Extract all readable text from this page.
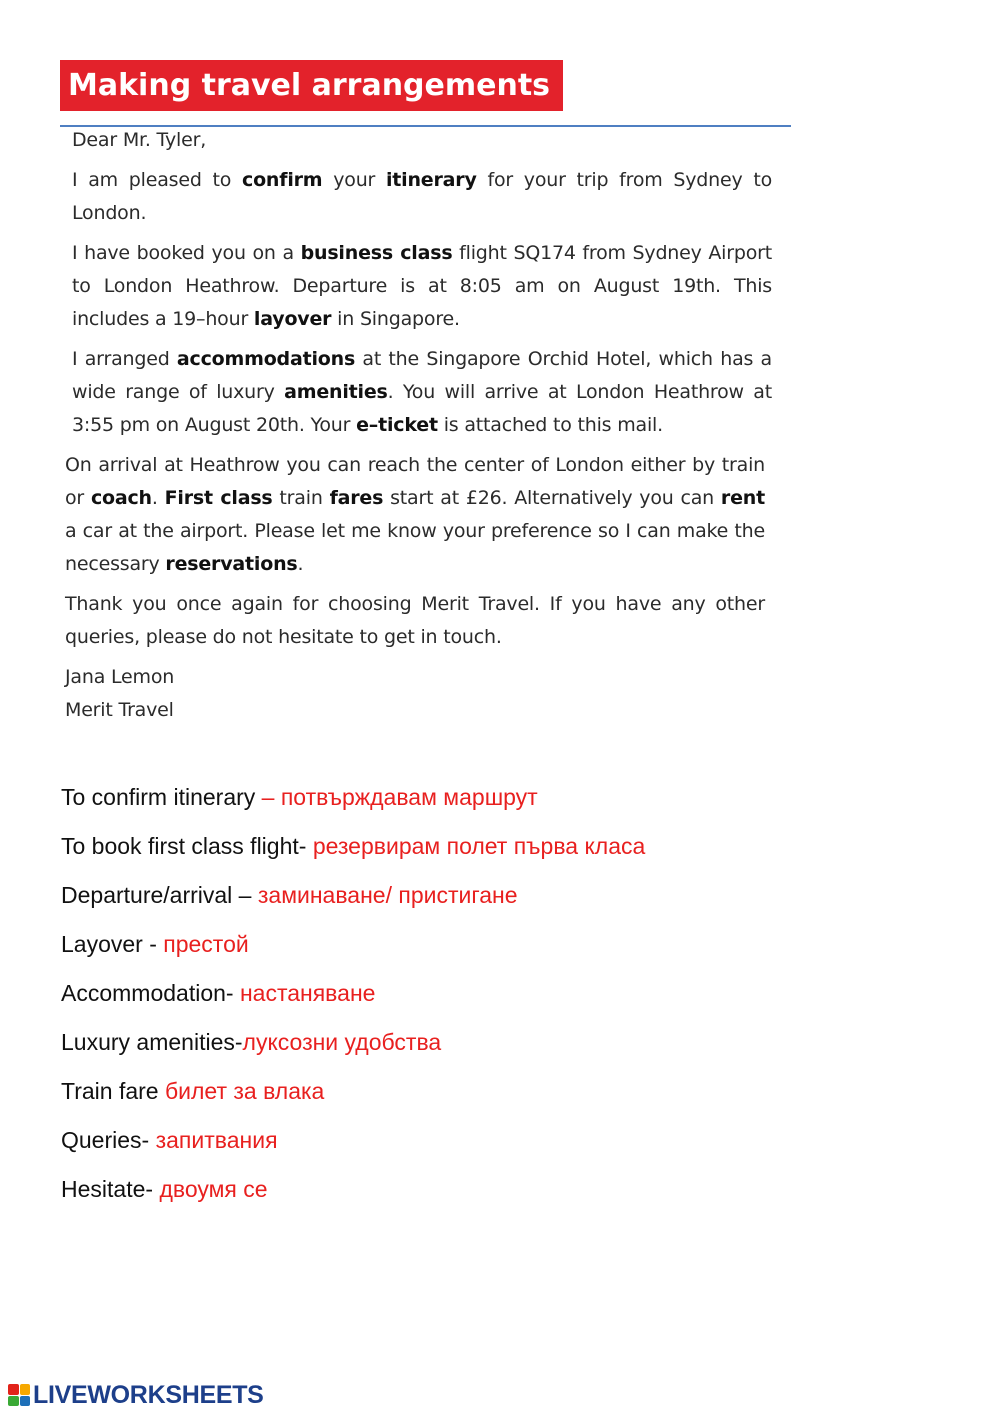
Making travel arrangements

Dear Mr. Tyler,

I am pleased to confirm your itinerary for your trip from Sydney to London.

I have booked you on a business class flight SQ174 from Sydney Airport to London Heathrow. Departure is at 8:05 am on August 19th. This includes a 19–hour layover in Singapore.

I arranged accommodations at the Singapore Orchid Hotel, which has a wide range of luxury amenities. You will arrive at London Heathrow at 3:55 pm on August 20th. Your e–ticket is attached to this mail.

On arrival at Heathrow you can reach the center of London either by train or coach. First class train fares start at £26. Alternatively you can rent a car at the airport. Please let me know your preference so I can make the necessary reservations.

Thank you once again for choosing Merit Travel. If you have any other queries, please do not hesitate to get in touch.

Jana Lemon

Merit Travel

To confirm itinerary – потвърждавам маршрут
To book first class flight- резервирам полет първа класа
Departure/arrival – заминаване/ пристигане
Layover - престой
Accommodation- настаняване
Luxury amenities-луксозни удобства
Train fare билет за влака
Queries- запитвания
Hesitate- двоумя се
LIVEWORKSHEETS
